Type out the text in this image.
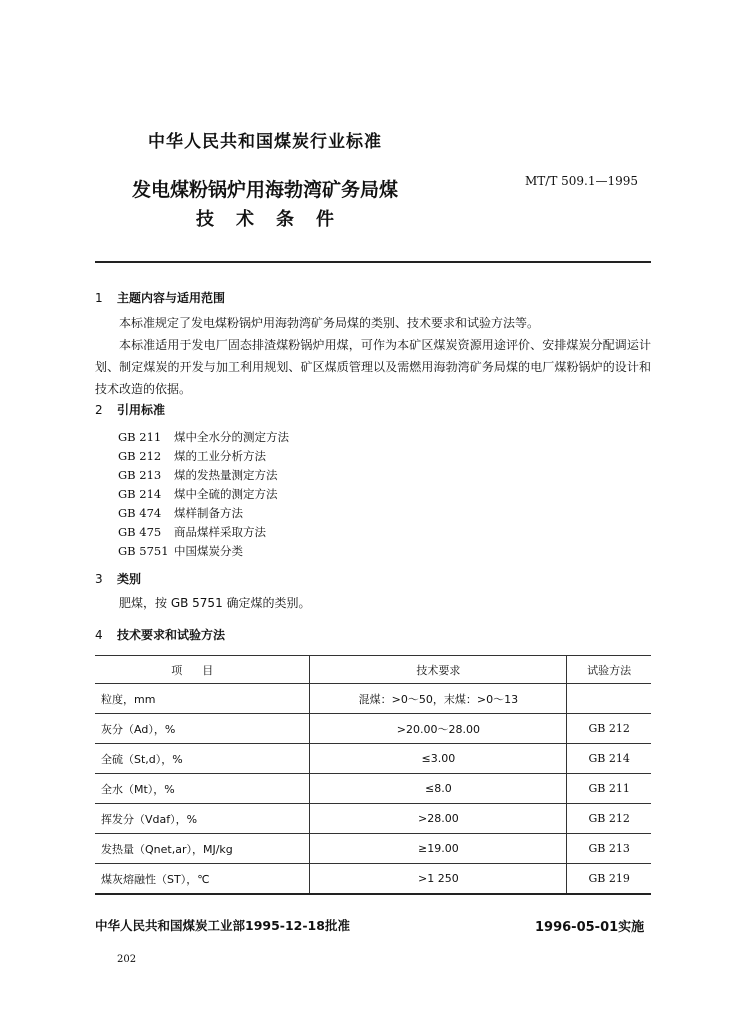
中华人民共和国煤炭行业标准
发电煤粉锅炉用海勃湾矿务局煤
技术条件
MT/T 509.1—1995
1 主题内容与适用范围

本标准规定了发电煤粉锅炉用海勃湾矿务局煤的类别、技术要求和试验方法等。

本标准适用于发电厂固态排渣煤粉锅炉用煤，可作为本矿区煤炭资源用途评价、安排煤炭分配调运计划、制定煤炭的开发与加工利用规划、矿区煤质管理以及需燃用海勃湾矿务局煤的电厂煤粉锅炉的设计和技术改造的依据。

2 引用标准
GB 211 煤中全水分的测定方法
GB 212 煤的工业分析方法
GB 213 煤的发热量测定方法
GB 214 煤中全硫的测定方法
GB 474 煤样制备方法
GB 475 商品煤样采取方法
GB 5751 中国煤炭分类
3 类别

肥煤，按 GB 5751 确定煤的类别。

4 技术要求和试验方法
项目	技术要求	试验方法
粒度，mm	混煤：>0～50，末煤：>0～13	
灰分（Ad），%	>20.00～28.00	GB 212
全硫（St,d），%	≤3.00	GB 214
全水（Mt），%	≤8.0	GB 211
挥发分（Vdaf），%	>28.00	GB 212
发热量（Qnet,ar），MJ/kg	≥19.00	GB 213
煤灰熔融性（ST），℃	>1 250	GB 219
中华人民共和国煤炭工业部1995-12-18批准	1996-05-01实施
202
